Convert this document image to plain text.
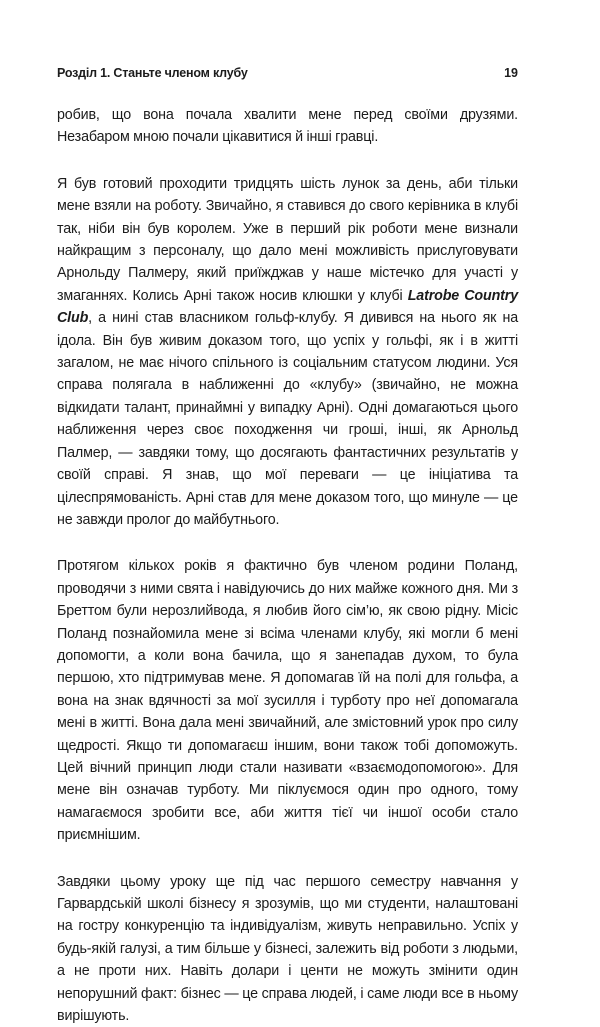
Розділ 1. Станьте членом клубу	19

робив, що вона почала хвалити мене перед своїми друзями. Незабаром мною почали цікавитися й інші гравці.

Я був готовий проходити тридцять шість лунок за день, аби тільки мене взяли на роботу. Звичайно, я ставився до свого керівника в клубі так, ніби він був королем. Уже в перший рік роботи мене визнали найкращим з персоналу, що дало мені можливість прислуговувати Арнольду Палмеру, який приїжджав у наше містечко для участі у змаганнях. Колись Арні також носив клюшки у клубі Latrobe Country Club, а нині став власником гольф-клубу. Я дивився на нього як на ідола. Він був живим доказом того, що успіх у гольфі, як і в житті загалом, не має нічого спільного із соціальним статусом людини. Уся справа полягала в наближенні до «клубу» (звичайно, не можна відкидати талант, принаймні у випадку Арні). Одні домагаються цього наближення через своє походження чи гроші, інші, як Арнольд Палмер, — завдяки тому, що досягають фантастичних результатів у своїй справі. Я знав, що мої переваги — це ініціатива та цілеспрямованість. Арні став для мене доказом того, що минуле — це не завжди пролог до майбутнього.

Протягом кількох років я фактично був членом родини Поланд, проводячи з ними свята і навідуючись до них майже кожного дня. Ми з Бреттом були нерозлийвода, я любив його сім’ю, як свою рідну. Місіс Поланд познайомила мене зі всіма членами клубу, які могли б мені допомогти, а коли вона бачила, що я занепадав духом, то була першою, хто підтримував мене. Я допомагав їй на полі для гольфа, а вона на знак вдячності за мої зусилля і турботу про неї допомагала мені в житті. Вона дала мені звичайний, але змістовний урок про силу щедрості. Якщо ти допомагаєш іншим, вони також тобі допоможуть. Цей вічний принцип люди стали називати «взаємодопомогою». Для мене він означав турботу. Ми піклуємося один про одного, тому намагаємося зробити все, аби життя тієї чи іншої особи стало приємнішим.

Завдяки цьому уроку ще під час першого семестру навчання у Гарвардській школі бізнесу я зрозумів, що ми студенти, налаштовані на гостру конкуренцію та індивідуалізм, живуть неправильно. Успіх у будь-якій галузі, а тим більше у бізнесі, залежить від роботи з людьми, а не проти них. Навіть долари і центи не можуть змінити один непорушний факт: бізнес — це справа людей, і саме люди все в ньому вирішують.
